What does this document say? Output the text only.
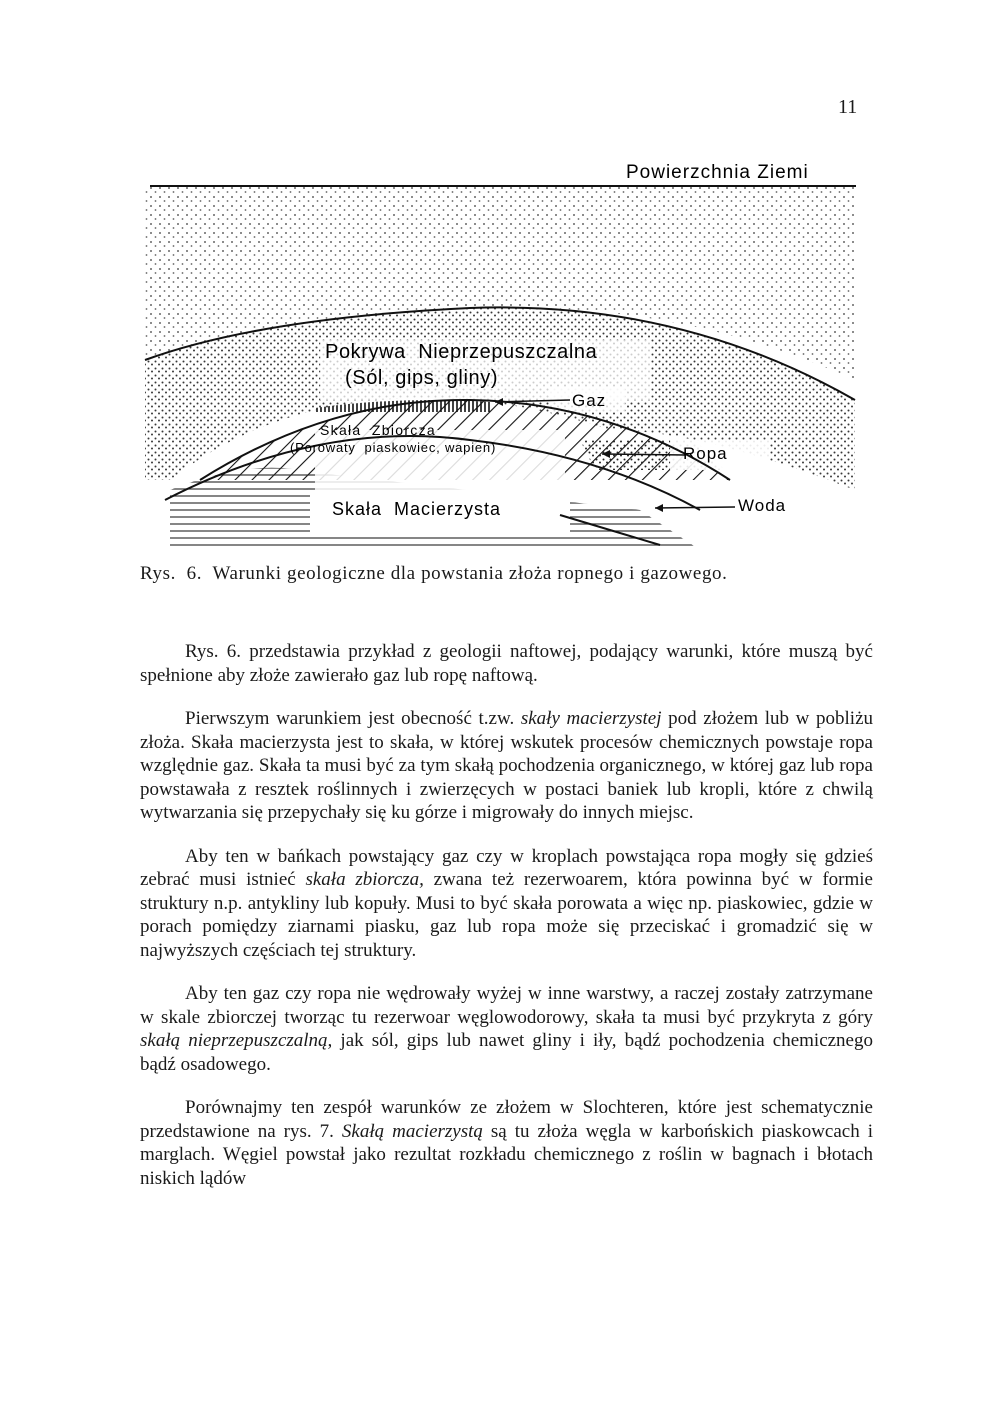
11
Powierzchnia Ziemi
Pokrywa  Nieprzepuszczalna
(Sól, gips, gliny)
Gaz
Skała  Zbiorcza
(Porowaty  piaskowiec, wapień)	Ropa
Skała  Macierzysta	Woda
Rys.  6.  Warunki geologiczne dla powstania złoża ropnego i gazowego.

Rys. 6. przedstawia przykład z geologii naftowej, podający warunki, które muszą być spełnione aby złoże zawierało gaz lub ropę naftową.

Pierwszym warunkiem jest obecność t.zw. skały macierzystej pod złożem lub w pobliżu złoża. Skała macierzysta jest to skała, w której wskutek procesów chemicznych powstaje ropa względnie gaz. Skała ta musi być za tym skałą pochodzenia organicznego, w której gaz lub ropa powstawała z resztek roślinnych i zwierzęcych w postaci baniek lub kropli, które z chwilą wytwarzania się przepychały się ku górze i migrowały do innych miejsc.

Aby ten w bańkach powstający gaz czy w kroplach powstająca ropa mogły się gdzieś zebrać musi istnieć skała zbiorcza, zwana też rezerwoarem, która powinna być w formie struktury n.p. antykliny lub kopuły. Musi to być skała porowata a więc np. piaskowiec, gdzie w porach pomiędzy ziarnami piasku, gaz lub ropa może się przeciskać i gromadzić się w najwyższych częściach tej struktury.

Aby ten gaz czy ropa nie wędrowały wyżej w inne warstwy, a raczej zostały zatrzymane w skale zbiorczej tworząc tu rezerwoar węglowodorowy, skała ta musi być przykryta z góry skałą nieprzepuszczalną, jak sól, gips lub nawet gliny i iły, bądź pochodzenia chemicznego bądź osadowego.

Porównajmy ten zespół warunków ze złożem w Slochteren, które jest schematycznie przedstawione na rys. 7. Skałą macierzystą są tu złoża węgla w karbońskich piaskowcach i marglach. Węgiel powstał jako rezultat rozkładu chemicznego z roślin w bagnach i błotach niskich lądów
